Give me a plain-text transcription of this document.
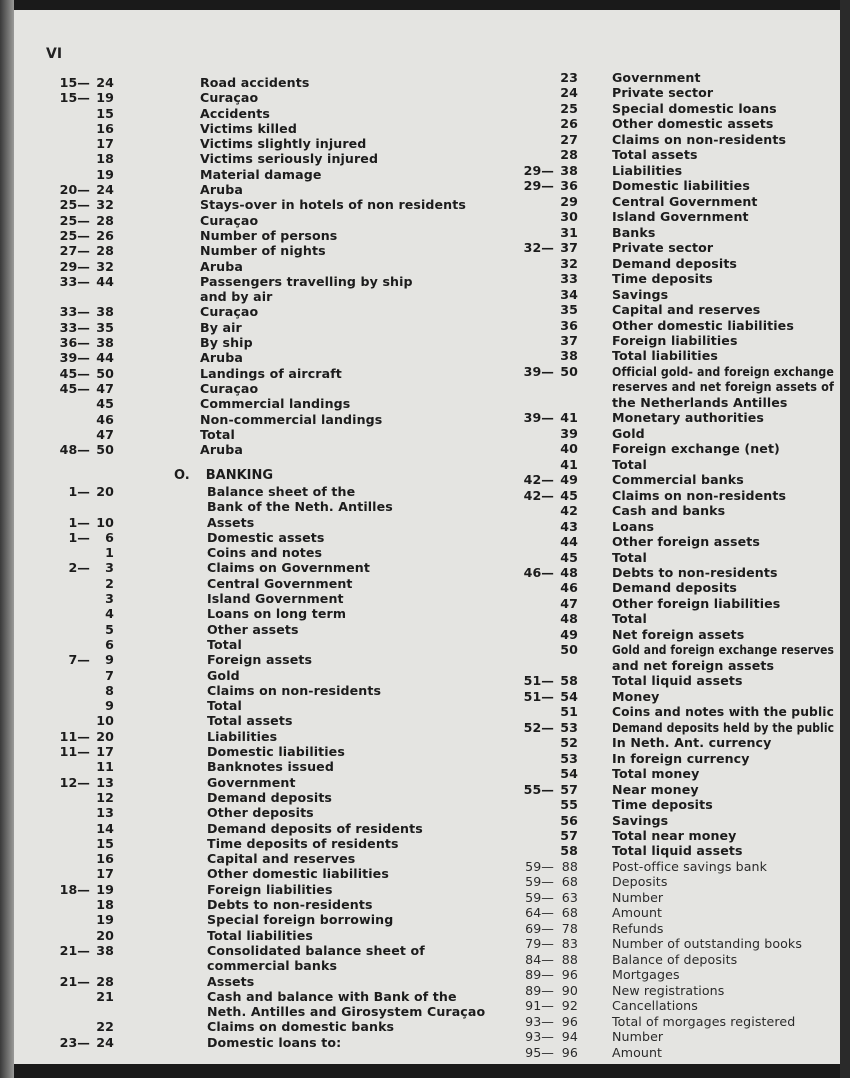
VI
15— 24	Road accidents
15— 19	Curaçao
15	Accidents
16	Victims killed
17	Victims slightly injured
18	Victims seriously injured
19	Material damage
20— 24	Aruba
25— 32	Stays-over in hotels of non residents
25— 28	Curaçao
25— 26	Number of persons
27— 28	Number of nights
29— 32	Aruba
33— 44	Passengers travelling by ship
and by air
33— 38	Curaçao
33— 35	By air
36— 38	By ship
39— 44	Aruba
45— 50	Landings of aircraft
45— 47	Curaçao
45	Commercial landings
46	Non-commercial landings
47	Total
48— 50	Aruba
O. BANKING
1— 20	Balance sheet of the
Bank of the Neth. Antilles
1— 10	Assets
1—	6	Domestic assets
1	Coins and notes
2—	3	Claims on Government
2	Central Government
3	Island Government
4	Loans on long term
5	Other assets
6	Total
7—	9	Foreign assets
7	Gold
8	Claims on non-residents
9	Total
10	Total assets
11— 20	Liabilities
11— 17	Domestic liabilities
11	Banknotes issued
12— 13	Government
12	Demand deposits
13	Other deposits
14	Demand deposits of residents
15	Time deposits of residents
16	Capital and reserves
17	Other domestic liabilities
18— 19	Foreign liabilities
18	Debts to non-residents
19	Special foreign borrowing
20	Total liabilities
21— 38	Consolidated balance sheet of
commercial banks
21— 28	Assets
21	Cash and balance with Bank of the
Neth. Antilles and Girosystem Curaçao
22	Claims on domestic banks
23— 24	Domestic loans to:
23	Government
24	Private sector
25	Special domestic loans
26	Other domestic assets
27	Claims on non-residents
28	Total assets
29— 38	Liabilities
29— 36	Domestic liabilities
29	Central Government
30	Island Government
31	Banks
32— 37	Private sector
32	Demand deposits
33	Time deposits
34	Savings
35	Capital and reserves
36	Other domestic liabilities
37	Foreign liabilities
38	Total liabilities
39— 50	Official gold- and foreign exchange
reserves and net foreign assets of
the Netherlands Antilles
39— 41	Monetary authorities
39	Gold
40	Foreign exchange (net)
41	Total
42— 49	Commercial banks
42— 45	Claims on non-residents
42	Cash and banks
43	Loans
44	Other foreign assets
45	Total
46— 48	Debts to non-residents
46	Demand deposits
47	Other foreign liabilities
48	Total
49	Net foreign assets
50	Gold and foreign exchange reserves
and net foreign assets
51— 58	Total liquid assets
51— 54	Money
51	Coins and notes with the public
52— 53	Demand deposits held by the public
52	In Neth. Ant. currency
53	In foreign currency
54	Total money
55— 57	Near money
55	Time deposits
56	Savings
57	Total near money
58	Total liquid assets
59— 88	Post-office savings bank
59— 68	Deposits
59— 63	Number
64— 68	Amount
69— 78	Refunds
79— 83	Number of outstanding books
84— 88	Balance of deposits
89— 96	Mortgages
89— 90	New registrations
91— 92	Cancellations
93— 96	Total of morgages registered
93— 94	Number
95— 96	Amount
